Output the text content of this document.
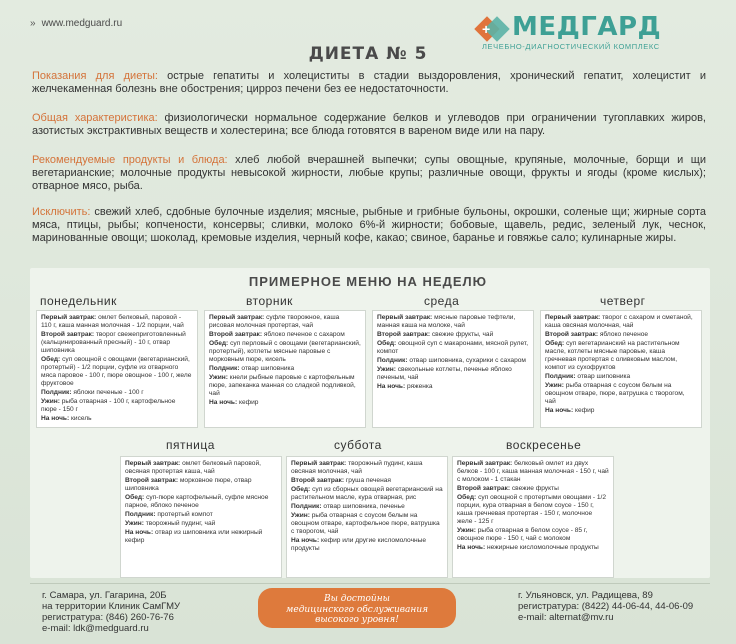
» www.medguard.ru	+ МЕДГАРД
ЛЕЧЕБНО-ДИАГНОСТИЧЕСКИЙ КОМПЛЕКС
ДИЕТА № 5
Показания для диеты: острые гепатиты и холециститы в стадии выздоровления, хронический гепатит, холецистит и желчекаменная болезнь вне обострения; цирроз печени без ее недостаточности.
Общая характеристика: физиологически нормальное содержание белков и углеводов при ограничении тугоплавких жиров, азотистых экстрактивных веществ и холестерина; все блюда готовятся в вареном виде или на пару.
Рекомендуемые продукты и блюда: хлеб любой вчерашней выпечки; супы овощные, крупяные, молочные, борщи и щи вегетарианские; молочные продукты невысокой жирности, любые крупы; различные овощи, фрукты и ягоды (кроме кислых); отварное мясо, рыба.
Исключить: свежий хлеб, сдобные булочные изделия; мясные, рыбные и грибные бульоны, окрошки, соленые щи; жирные сорта мяса, птицы, рыбы; копчености, консервы; сливки, молоко 6%-й жирности; бобовые, щавель, редис, зеленый лук, чеснок, маринованные овощи; шоколад, кремовые изделия, черный кофе, какао; свиное, баранье и говяжье сало; кулинарные жиры.
ПРИМЕРНОЕ МЕНЮ НА НЕДЕЛЮ
понедельник

Первый завтрак: омлет белковый, паровой - 110 г, каша манная молочная - 1/2 порции, чай

Второй завтрак: творог свежеприготовленный (кальцинированный пресный) - 10 г, отвар шиповника

Обед: суп овощной с овощами (вегетарианский, протертый) - 1/2 порции, суфле из отварного мяса паровое - 100 г, пюре овощное - 100 г, желе фруктовое

Полдник: яблоки печеные - 100 г

Ужин: рыба отварная - 100 г, картофельное пюре - 150 г

На ночь: кисель

вторник

Первый завтрак: суфле творожное, каша рисовая молочная протертая, чай

Второй завтрак: яблоко печеное с сахаром

Обед: суп перловый с овощами (вегетарианский, протертый), котлеты мясные паровые с морковным пюре, кисель

Полдник: отвар шиповника

Ужин: кнели рыбные паровые с картофельным пюре, запеканка манная со сладкой подливкой, чай

На ночь: кефир

среда

Первый завтрак: мясные паровые тефтели, манная каша на молоке, чай

Второй завтрак: свежие фрукты, чай

Обед: овощной суп с макаронами, мясной рулет, компот

Полдник: отвар шиповника, сухарики с сахаром

Ужин: свекольные котлеты, печенье яблоко печеным, чай

На ночь: ряженка

четверг

Первый завтрак: творог с сахаром и сметаной, каша овсяная молочная, чай

Второй завтрак: яблоко печеное

Обед: суп вегетарианский на растительном масле, котлеты мясные паровые, каша гречневая протертая с оливковым маслом, компот из сухофруктов

Полдник: отвар шиповника

Ужин: рыба отварная с соусом белым на овощном отваре, пюре, ватрушка с творогом, чай

На ночь: кефир

пятница

Первый завтрак: омлет белковый паровой, овсяная протертая каша, чай

Второй завтрак: морковное пюре, отвар шиповника

Обед: суп-пюре картофельный, суфле мясное парное, яблоко печеное

Полдник: протертый компот

Ужин: творожный пудинг, чай

На ночь: отвар из шиповника или нежирный кефир

суббота

Первый завтрак: творожный пудинг, каша овсяная молочная, чай

Второй завтрак: груша печеная

Обед: суп из сборных овощей вегетарианский на растительном масле, курa отварная, рис

Полдник: отвар шиповника, печенье

Ужин: рыба отварная с соусом белым на овощном отваре, картофельное пюре, ватрушка с творогом, чай

На ночь: кефир или другие кисломолочные продукты

воскресенье

Первый завтрак: белковый омлет из двух белков - 100 г, каша манная молочная - 150 г, чай с молоком - 1 стакан

Второй завтрак: свежие фрукты

Обед: суп овощной с протертыми овощами - 1/2 порции, курa отварная в белом соусе - 150 г, каша гречневая протертая - 150 г, молочное желе - 125 г

Ужин: рыба отварная в белом соусе - 85 г, овощное пюре - 150 г, чай с молоком

На ночь: нежирные кисломолочные продукты

г. Самара, ул. Гагарина, 20Б
на территории Клиник СамГМУ
регистратура: (846) 260-76-76
e-mail: ldk@medguard.ru
Вы достойны
медицинского обслуживания
высокого уровня!
г. Ульяновск, ул. Радищева, 89
регистратура: (8422) 44-06-44, 44-06-09
e-mail: alternat@mv.ru
